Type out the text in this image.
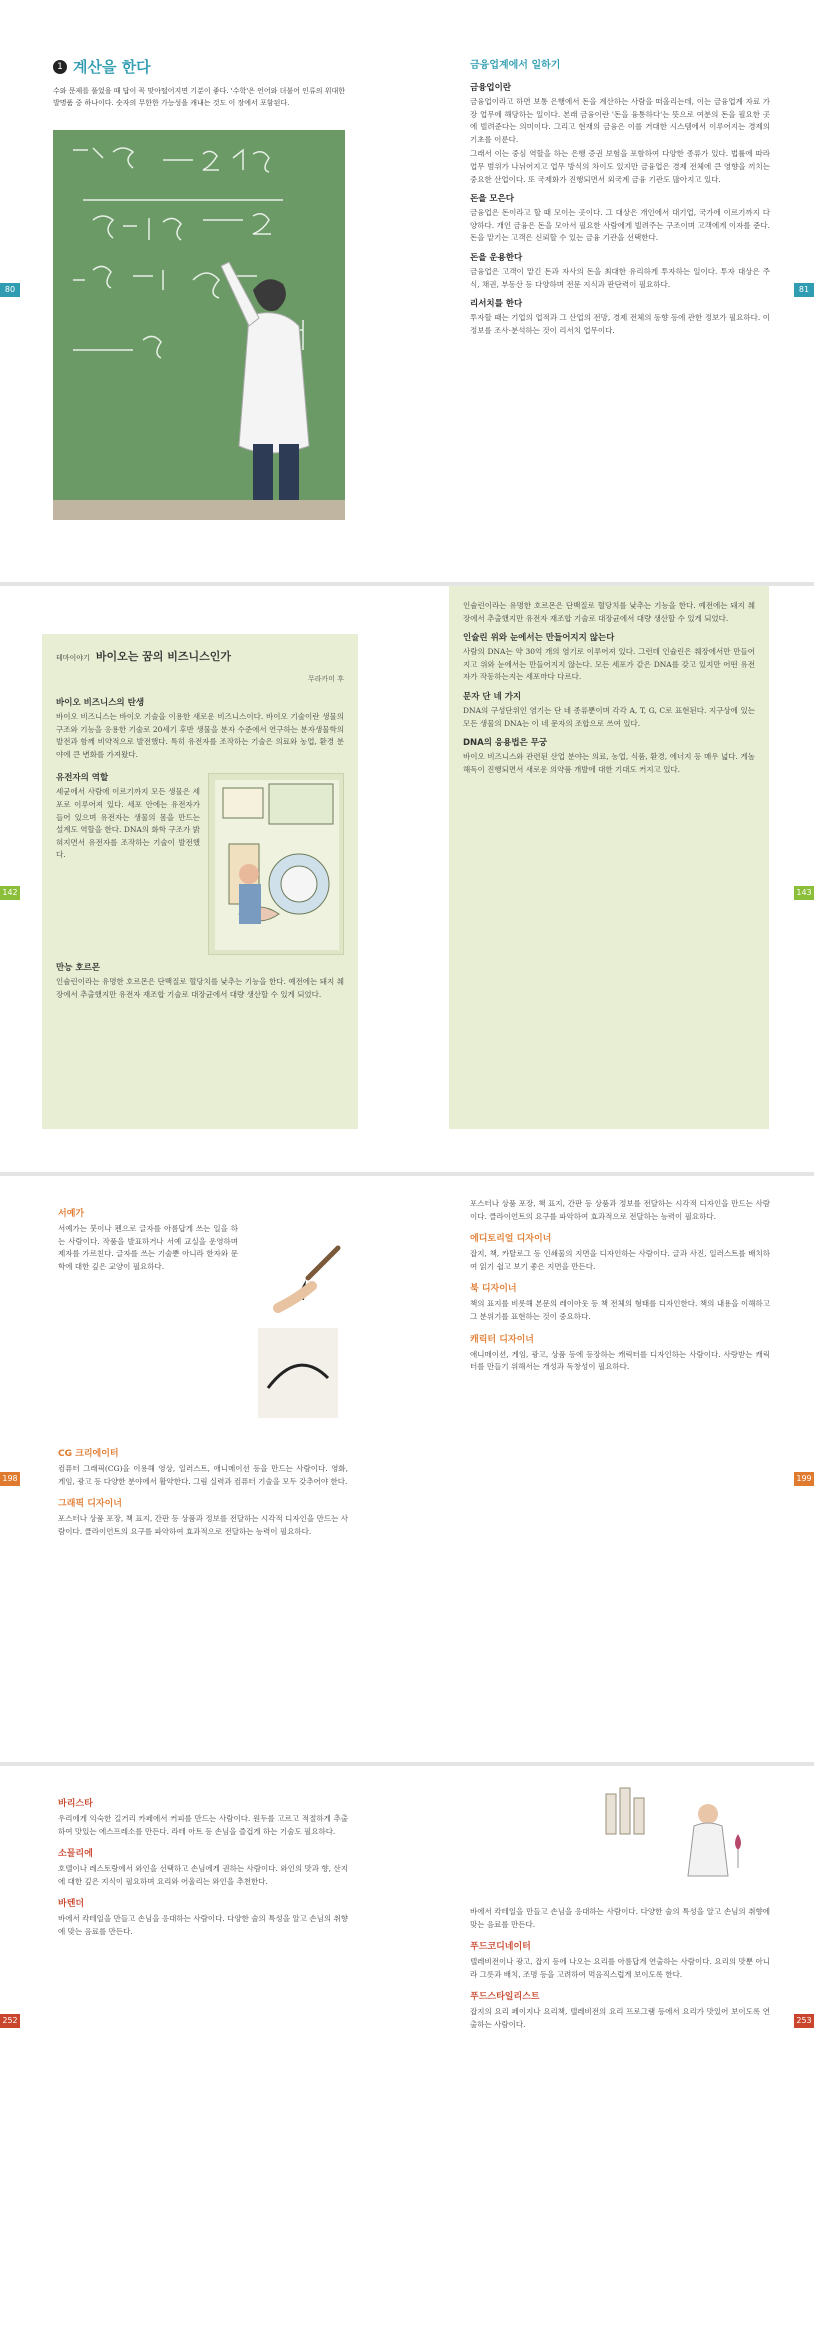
80	81
1 계산을 한다

수와 문제를 풀었을 때 답이 꼭 맞아떨어지면 기분이 좋다. '수학'은 언어와 더불어 인류의 위대한 발명품 중 하나이다. 숫자의 무한한 가능성을 캐내는 것도 이 장에서 포함된다.

금융업계에서 일하기
금융업이란

금융업이라고 하면 보통 은행에서 돈을 계산하는 사람을 떠올리는데, 이는 금융업계 자료 가장 업무에 해당하는 일이다. 본래 금융이란 '돈을 융통하다'는 뜻으로 여분의 돈을 필요한 곳에 빌려준다는 의미이다. 그리고 현재의 금융은 이를 거대한 시스템에서 이루어지는 경제의 기초를 이룬다.

그래서 이는 중심 역할을 하는 은행 증권 보험을 포함하여 다양한 종류가 있다. 법률에 따라 업무 범위가 나뉘어지고 업무 방식의 차이도 있지만 금융업은 경제 전체에 큰 영향을 끼치는 중요한 산업이다. 또 국제화가 진행되면서 외국계 금융 기관도 많아지고 있다.

돈을 모은다

금융업은 돈이라고 할 때 모이는 곳이다. 그 대상은 개인에서 대기업, 국가에 이르기까지 다양하다. 개인 금융은 돈을 모아서 필요한 사람에게 빌려주는 구조이며 고객에게 이자를 준다. 돈을 맡기는 고객은 신뢰할 수 있는 금융 기관을 선택한다.

돈을 운용한다

금융업은 고객이 맡긴 돈과 자사의 돈을 최대한 유리하게 투자하는 일이다. 투자 대상은 주식, 채권, 부동산 등 다양하며 전문 지식과 판단력이 필요하다.

리서치를 한다

투자할 때는 기업의 업적과 그 산업의 전망, 경제 전체의 동향 등에 관한 정보가 필요하다. 이 정보를 조사·분석하는 것이 리서치 업무이다.

142	143
테마이야기 바이오는 꿈의 비즈니스인가
무라카미 후
바이오 비즈니스의 탄생

바이오 비즈니스는 바이오 기술을 이용한 새로운 비즈니스이다. 바이오 기술이란 생물의 구조와 기능을 응용한 기술로 20세기 후반 생물을 분자 수준에서 연구하는 분자생물학의 발전과 함께 비약적으로 발전했다. 특히 유전자를 조작하는 기술은 의료와 농업, 환경 분야에 큰 변화를 가져왔다.

유전자의 역할

세균에서 사람에 이르기까지 모든 생물은 세포로 이루어져 있다. 세포 안에는 유전자가 들어 있으며 유전자는 생물의 몸을 만드는 설계도 역할을 한다. DNA의 화학 구조가 밝혀지면서 유전자를 조작하는 기술이 발전했다.

만능 호르몬

인슐린이라는 유명한 호르몬은 단백질로 혈당치를 낮추는 기능을 한다. 예전에는 돼지 췌장에서 추출했지만 유전자 재조합 기술로 대장균에서 대량 생산할 수 있게 되었다.

인슐린이라는 유명한 호르몬은 단백질로 혈당치를 낮추는 기능을 한다. 예전에는 돼지 췌장에서 추출했지만 유전자 재조합 기술로 대장균에서 대량 생산할 수 있게 되었다.

인슐린 위와 눈에서는 만들어지지 않는다

사람의 DNA는 약 30억 개의 염기로 이루어져 있다. 그런데 인슐린은 췌장에서만 만들어지고 위와 눈에서는 만들어지지 않는다. 모든 세포가 같은 DNA를 갖고 있지만 어떤 유전자가 작동하는지는 세포마다 다르다.

문자 단 네 가지

DNA의 구성단위인 염기는 단 네 종류뿐이며 각각 A, T, G, C로 표현된다. 지구상에 있는 모든 생물의 DNA는 이 네 문자의 조합으로 쓰여 있다.

DNA의 응용법은 무궁

바이오 비즈니스와 관련된 산업 분야는 의료, 농업, 식품, 환경, 에너지 등 매우 넓다. 게놈 해독이 진행되면서 새로운 의약품 개발에 대한 기대도 커지고 있다.

198	199
서예가

서예가는 붓이나 펜으로 글자를 아름답게 쓰는 일을 하는 사람이다. 작품을 발표하거나 서예 교실을 운영하며 제자를 가르친다. 글자를 쓰는 기술뿐 아니라 한자와 문학에 대한 깊은 교양이 필요하다.

CG 크리에이터

컴퓨터 그래픽(CG)을 이용해 영상, 일러스트, 애니메이션 등을 만드는 사람이다. 영화, 게임, 광고 등 다양한 분야에서 활약한다. 그림 실력과 컴퓨터 기술을 모두 갖추어야 한다.

그래픽 디자이너

포스터나 상품 포장, 책 표지, 간판 등 상품과 정보를 전달하는 시각적 디자인을 만드는 사람이다. 클라이언트의 요구를 파악하여 효과적으로 전달하는 능력이 필요하다.

포스터나 상품 포장, 책 표지, 간판 등 상품과 정보를 전달하는 시각적 디자인을 만드는 사람이다. 클라이언트의 요구를 파악하여 효과적으로 전달하는 능력이 필요하다.

에디토리얼 디자이너

잡지, 책, 카탈로그 등 인쇄물의 지면을 디자인하는 사람이다. 글과 사진, 일러스트를 배치하여 읽기 쉽고 보기 좋은 지면을 만든다.

북 디자이너

책의 표지를 비롯해 본문의 레이아웃 등 책 전체의 형태를 디자인한다. 책의 내용을 이해하고 그 분위기를 표현하는 것이 중요하다.

캐릭터 디자이너

애니메이션, 게임, 광고, 상품 등에 등장하는 캐릭터를 디자인하는 사람이다. 사랑받는 캐릭터를 만들기 위해서는 개성과 독창성이 필요하다.

252	253
바리스타

우리에게 익숙한 길거리 카페에서 커피를 만드는 사람이다. 원두를 고르고 적절하게 추출하여 맛있는 에스프레소를 만든다. 라테 아트 등 손님을 즐겁게 하는 기술도 필요하다.

소믈리에

호텔이나 레스토랑에서 와인을 선택하고 손님에게 권하는 사람이다. 와인의 맛과 향, 산지에 대한 깊은 지식이 필요하며 요리와 어울리는 와인을 추천한다.

바텐더

바에서 칵테일을 만들고 손님을 응대하는 사람이다. 다양한 술의 특성을 알고 손님의 취향에 맞는 음료를 만든다.

바에서 칵테일을 만들고 손님을 응대하는 사람이다. 다양한 술의 특성을 알고 손님의 취향에 맞는 음료를 만든다.

푸드코디네이터

텔레비전이나 광고, 잡지 등에 나오는 요리를 아름답게 연출하는 사람이다. 요리의 맛뿐 아니라 그릇과 배치, 조명 등을 고려하여 먹음직스럽게 보이도록 한다.

푸드스타일리스트

잡지의 요리 페이지나 요리책, 텔레비전의 요리 프로그램 등에서 요리가 맛있어 보이도록 연출하는 사람이다.
